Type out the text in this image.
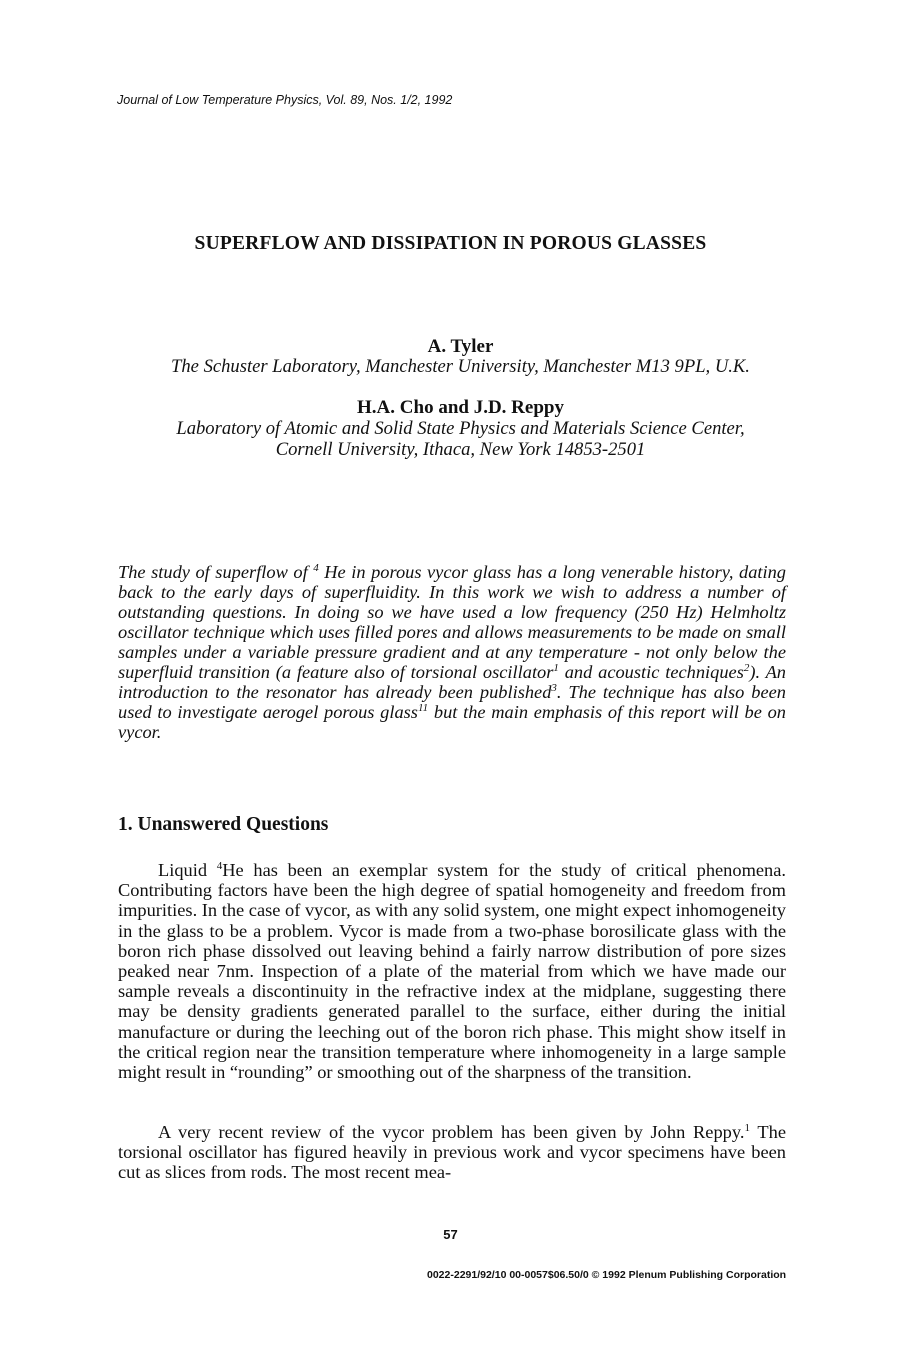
Journal of Low Temperature Physics, Vol. 89, Nos. 1/2, 1992
SUPERFLOW AND DISSIPATION IN POROUS GLASSES
A. Tyler
The Schuster Laboratory, Manchester University, Manchester M13 9PL, U.K.
H.A. Cho and J.D. Reppy
Laboratory of Atomic and Solid State Physics and Materials Science Center,
Cornell University, Ithaca, New York 14853-2501
The study of superflow of $^4$ He in porous vycor glass has a long venerable history, dating back to the early days of superfluidity. In this work we wish to address a number of outstanding questions. In doing so we have used a low frequency (250 Hz) Helmholtz oscillator technique which uses filled pores and allows measurements to be made on small samples under a variable pressure gradient and at any temperature - not only below the superfluid transition (a feature also of torsional oscillator$^1$ and acoustic techniques$^2$). An introduction to the resonator has already been published$^3$. The technique has also been used to investigate aerogel porous glass$^{11}$ but the main emphasis of this report will be on vycor.
1. Unanswered Questions
Liquid $^4$He has been an exemplar system for the study of critical phenomena. Contributing factors have been the high degree of spatial homogeneity and freedom from impurities. In the case of vycor, as with any solid system, one might expect inhomogeneity in the glass to be a problem. Vycor is made from a two-phase borosilicate glass with the boron rich phase dissolved out leaving behind a fairly narrow distribution of pore sizes peaked near 7nm. Inspection of a plate of the material from which we have made our sample reveals a discontinuity in the refractive index at the midplane, suggesting there may be density gradients generated parallel to the surface, either during the initial manufacture or during the leeching out of the boron rich phase. This might show itself in the critical region near the transition temperature where inhomogeneity in a large sample might result in “rounding” or smoothing out of the sharpness of the transition.
A very recent review of the vycor problem has been given by John Reppy.$^1$ The torsional oscillator has figured heavily in previous work and vycor specimens have been cut as slices from rods. The most recent mea-
57
0022-2291/92/10 00-0057$06.50/0 © 1992 Plenum Publishing Corporation
